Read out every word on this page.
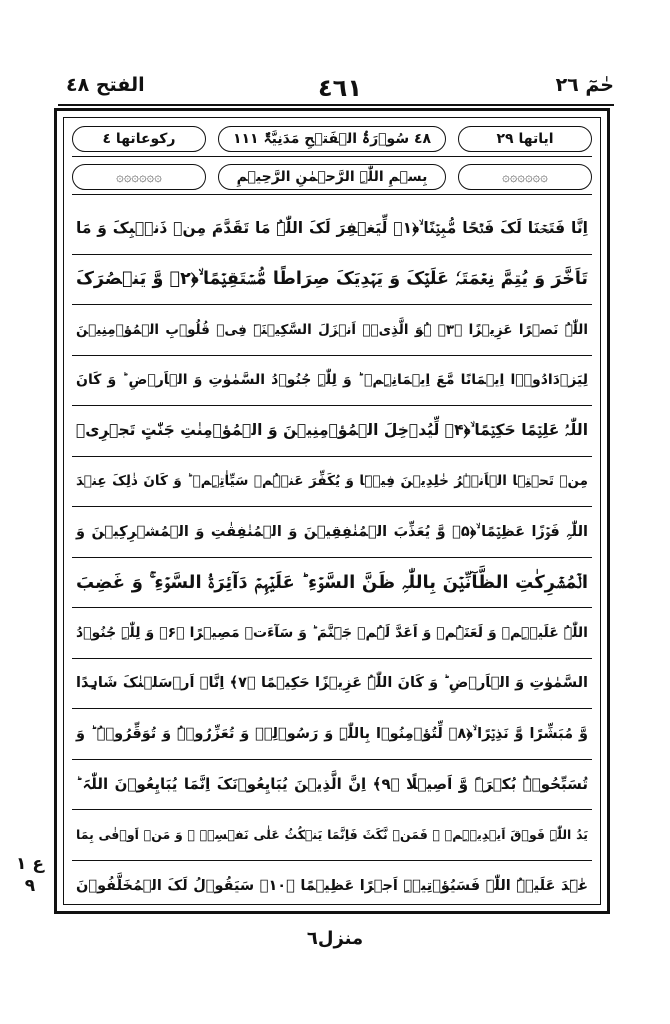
حٰمٓ ٢٦
٤٦١
الفتح ٤٨
ایاتھا ٢٩
٤٨ سُوۡرَۃُ الۡفَتۡحِ مَدَنِیَّۃٌ ١١١
رکوعاتھا ٤
۞۞۞۞۞۞
بِسۡمِ اللّٰہِ الرَّحۡمٰنِ الرَّحِیۡمِ
۞۞۞۞۞۞
اِنَّا فَتَحۡنَا لَکَ فَتۡحًا مُّبِیۡنًا ۙ﴿۱﴾ لِّیَغۡفِرَ لَکَ اللّٰہُ مَا تَقَدَّمَ مِنۡ ذَنۡۢبِکَ وَ مَا
تَاَخَّرَ وَ یُتِمَّ نِعۡمَتَہٗ عَلَیۡکَ وَ یَہۡدِیَکَ صِرَاطًا مُّسۡتَقِیۡمًا ۙ﴿۲﴾ وَّ یَنۡصُرَکَ
اللّٰہُ نَصۡرًا عَزِیۡزًا ﴿۳﴾ ہُوَ الَّذِیۡۤ اَنۡزَلَ السَّکِیۡنَۃَ فِیۡ قُلُوۡبِ الۡمُؤۡمِنِیۡنَ
لِیَزۡدَادُوۡۤا اِیۡمَانًا مَّعَ اِیۡمَانِہِمۡ ؕ وَ لِلّٰہِ جُنُوۡدُ السَّمٰوٰتِ وَ الۡاَرۡضِ ؕ وَ کَانَ
اللّٰہُ عَلِیۡمًا حَکِیۡمًا ۙ﴿۴﴾ لِّیُدۡخِلَ الۡمُؤۡمِنِیۡنَ وَ الۡمُؤۡمِنٰتِ جَنّٰتٍ تَجۡرِیۡ
مِنۡ تَحۡتِہَا الۡاَنۡہٰرُ خٰلِدِیۡنَ فِیۡہَا وَ یُکَفِّرَ عَنۡہُمۡ سَیِّاٰتِہِمۡ ؕ وَ کَانَ ذٰلِکَ عِنۡدَ
اللّٰہِ فَوۡزًا عَظِیۡمًا ۙ﴿۵﴾ وَّ یُعَذِّبَ الۡمُنٰفِقِیۡنَ وَ الۡمُنٰفِقٰتِ وَ الۡمُشۡرِکِیۡنَ وَ
الۡمُشۡرِکٰتِ الظَّآنِّیۡنَ بِاللّٰہِ ظَنَّ السَّوۡءِ ؕ عَلَیۡہِمۡ دَآئِرَۃُ السَّوۡءِ ۚ وَ غَضِبَ
اللّٰہُ عَلَیۡہِمۡ وَ لَعَنَہُمۡ وَ اَعَدَّ لَہُمۡ جَہَنَّمَ ؕ وَ سَآءَتۡ مَصِیۡرًا ﴿۶﴾ وَ لِلّٰہِ جُنُوۡدُ
السَّمٰوٰتِ وَ الۡاَرۡضِ ؕ وَ کَانَ اللّٰہُ عَزِیۡزًا حَکِیۡمًا ﴿۷﴾ اِنَّاۤ اَرۡسَلۡنٰکَ شَاہِدًا
وَّ مُبَشِّرًا وَّ نَذِیۡرًا ۙ﴿۸﴾ لِّتُؤۡمِنُوۡا بِاللّٰہِ وَ رَسُوۡلِہٖ وَ تُعَزِّرُوۡہُ وَ تُوَقِّرُوۡہُ ؕ وَ
تُسَبِّحُوۡہُ بُکۡرَۃً وَّ اَصِیۡلًا ﴿۹﴾ اِنَّ الَّذِیۡنَ یُبَایِعُوۡنَکَ اِنَّمَا یُبَایِعُوۡنَ اللّٰہَ ؕ
یَدُ اللّٰہِ فَوۡقَ اَیۡدِیۡہِمۡ ۚ فَمَنۡ نَّکَثَ فَاِنَّمَا یَنۡکُثُ عَلٰی نَفۡسِہٖ ۚ وَ مَنۡ اَوۡفٰی بِمَا
عٰہَدَ عَلَیۡہُ اللّٰہَ فَسَیُؤۡتِیۡہِ اَجۡرًا عَظِیۡمًا ﴿۱۰﴾ سَیَقُوۡلُ لَکَ الۡمُخَلَّفُوۡنَ
ع ١
٩
منزل٦
